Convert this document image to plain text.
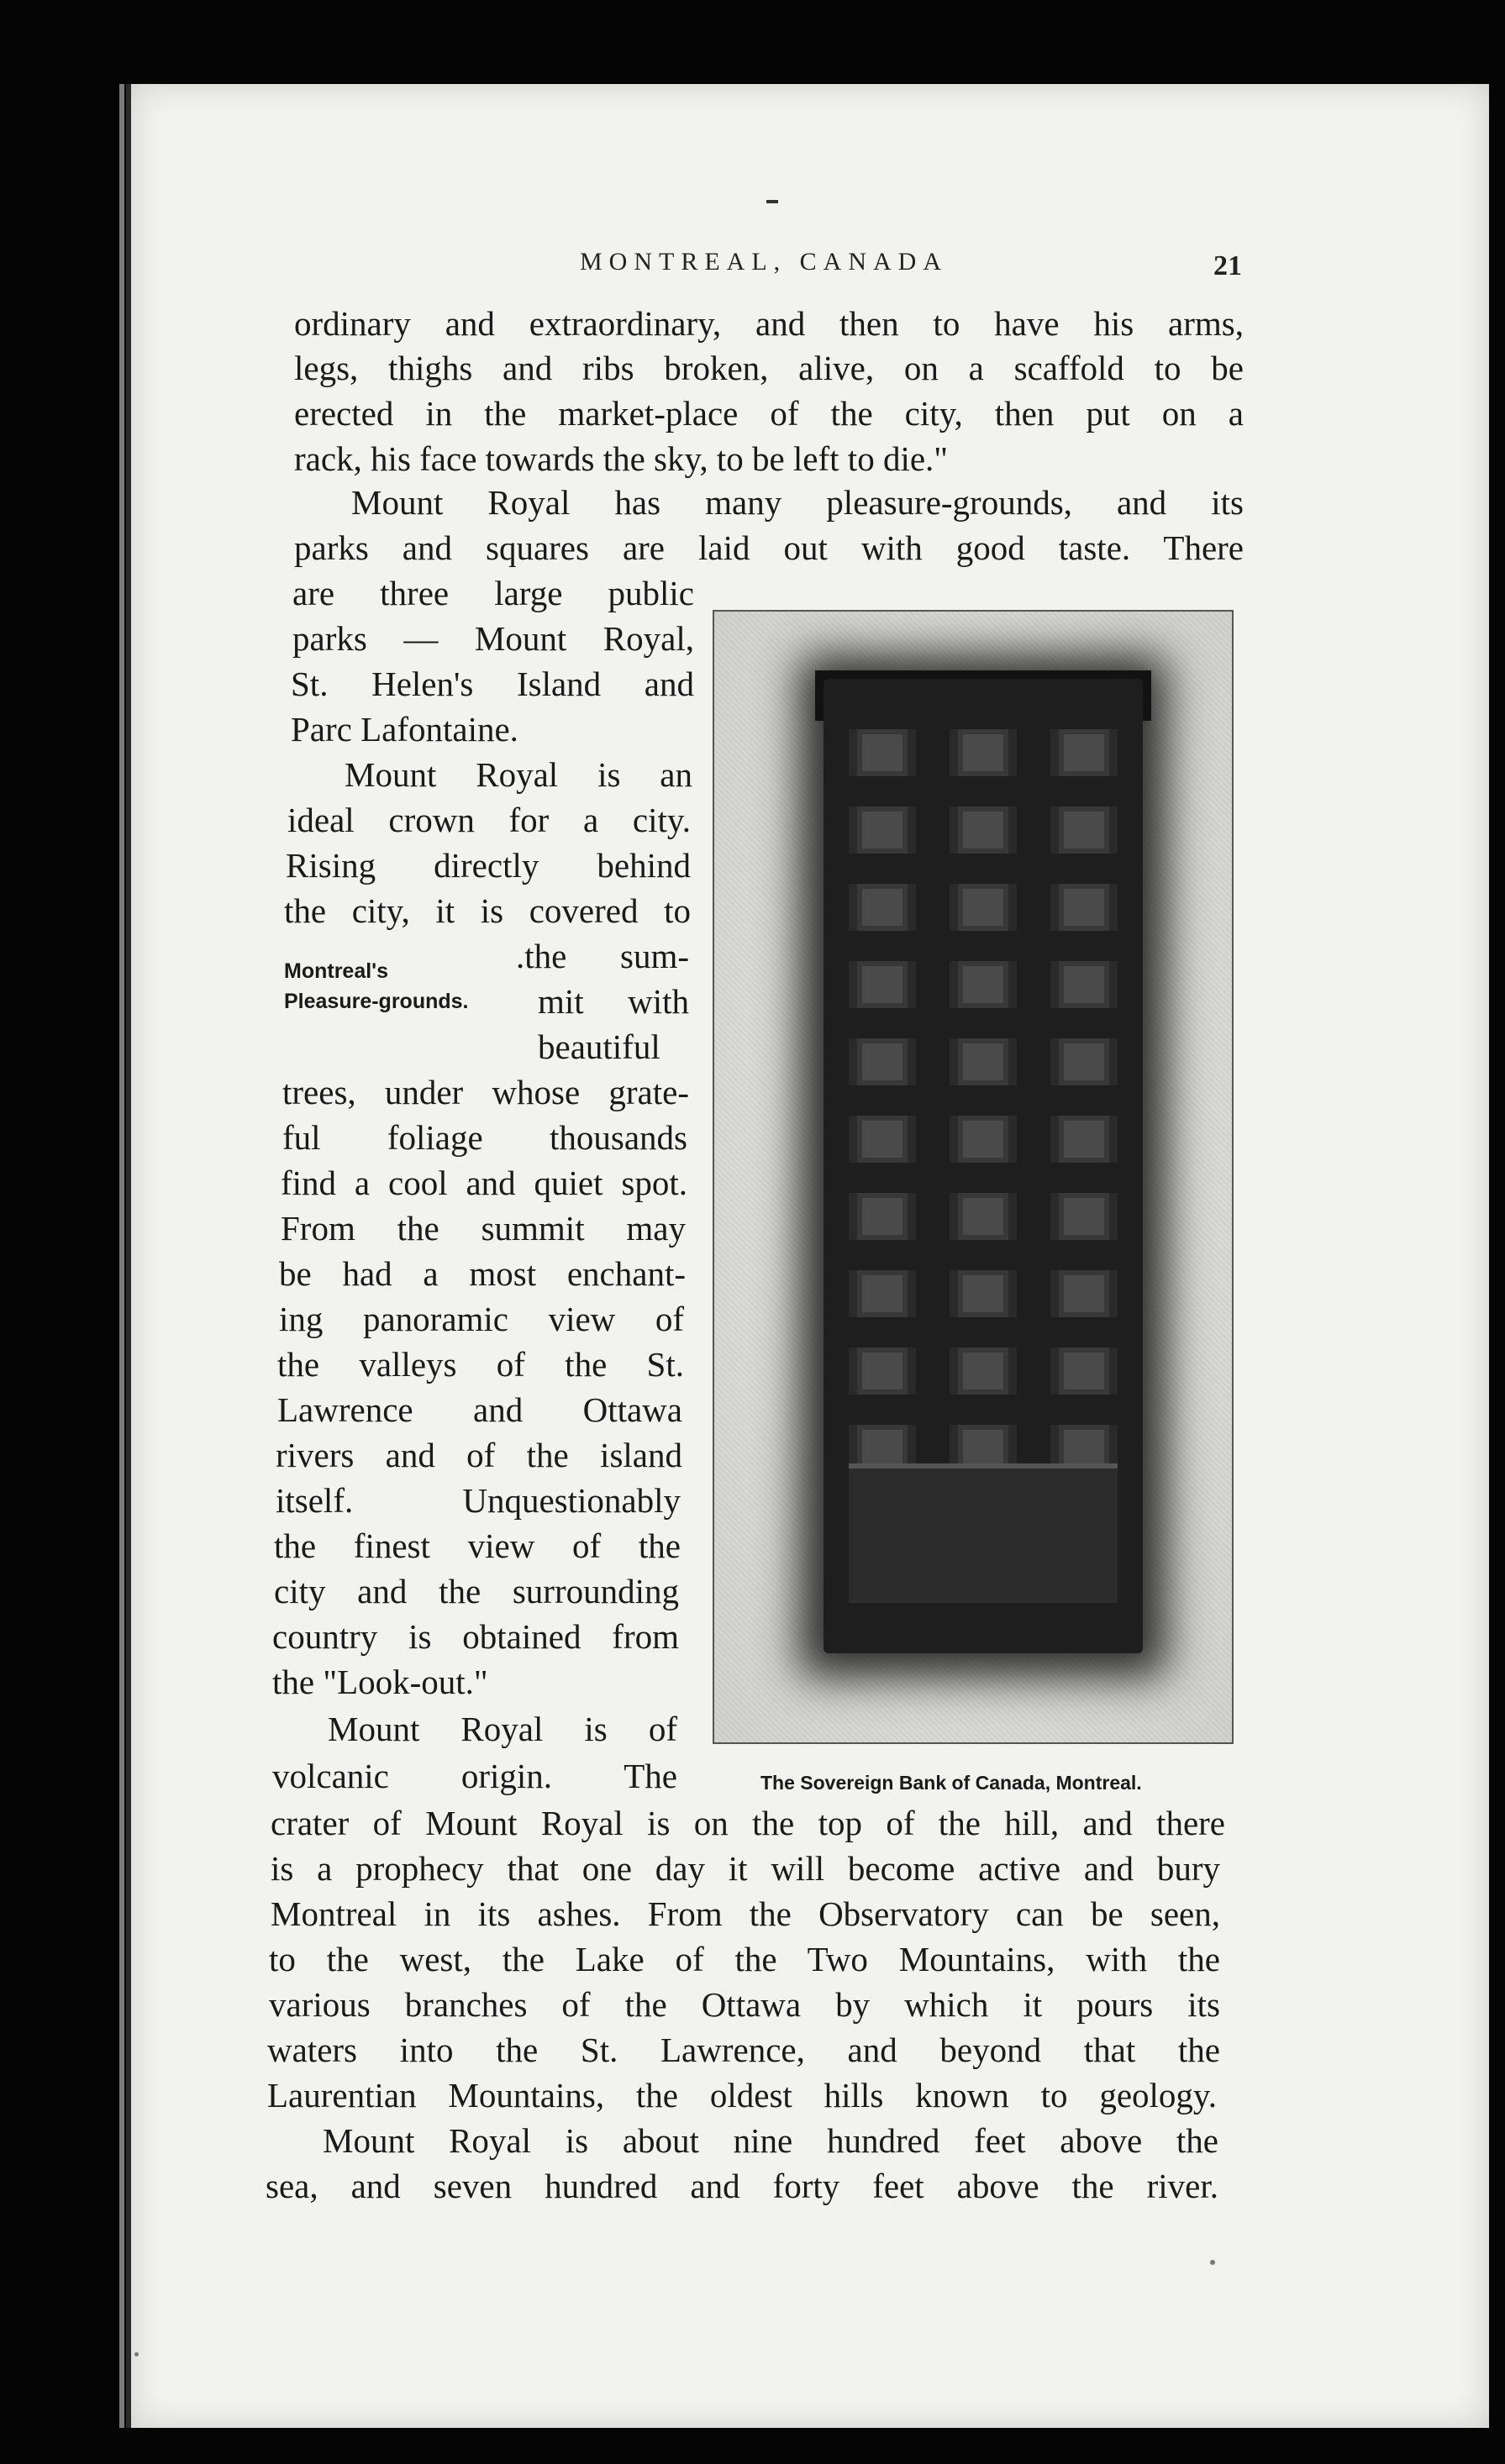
MONTREAL, CANADA	21
ordinary and extraordinary, and then to have his arms,
legs, thighs and ribs broken, alive, on a scaffold to be
erected in the market-place of the city, then put on a
rack, his face towards the sky, to be left to die."
Mount Royal has many pleasure-grounds, and its
parks and squares are laid out with good taste. There
are three large public
parks — Mount Royal,
St. Helen's Island and
Parc Lafontaine.
Mount Royal is an
ideal crown for a city.
Rising directly behind
the city, it is covered to
Montreal's
Pleasure-grounds.
.the sum-
mit with
beautiful
trees, under whose grate-
ful foliage thousands
find a cool and quiet spot.
From the summit may
be had a most enchant-
ing panoramic view of
the valleys of the St.
Lawrence and Ottawa
rivers and of the island
itself. Unquestionably
the finest view of the
city and the surrounding
country is obtained from
the "Look-out."
Mount Royal is of
volcanic origin. The	The Sovereign Bank of Canada, Montreal.
crater of Mount Royal is on the top of the hill, and there
is a prophecy that one day it will become active and bury
Montreal in its ashes. From the Observatory can be seen,
to the west, the Lake of the Two Mountains, with the
various branches of the Ottawa by which it pours its
waters into the St. Lawrence, and beyond that the
Laurentian Mountains, the oldest hills known to geology.
Mount Royal is about nine hundred feet above the
sea, and seven hundred and forty feet above the river.
